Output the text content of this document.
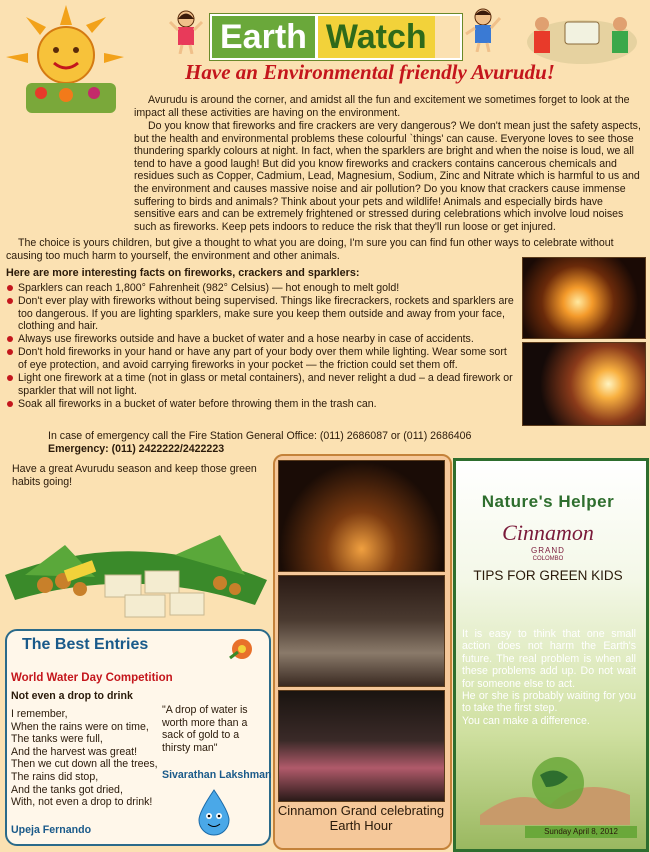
Earth Watch
Have an Environmental friendly Avurudu!

Avurudu is around the corner, and amidst all the fun and excitement we sometimes forget to look at the impact all these activities are having on the environment.

Do you know that fireworks and fire crackers are very dangerous? We don't mean just the safety aspects, but the health and environmental problems these colourful `things' can cause. Everyone loves to see those thundering sparkly colours at night. In fact, when the sparklers are bright and when the noise is loud, we all tend to have a good laugh! But did you know fireworks and crackers contains cancerous chemicals and residues such as Copper, Cadmium, Lead, Magnesium, Sodium, Zinc and Nitrate which is harmful to us and the environment and causes massive noise and air pollution? Do you know that crackers cause immense suffering to birds and animals? Think about your pets and wildlife! Animals and especially birds have sensitive ears and can be extremely frightened or stressed during celebrations which involve loud noises such as fireworks. Keep pets indoors to reduce the risk that they'll run loose or get injured.

The choice is yours children, but give a thought to what you are doing, I'm sure you can find fun other ways to celebrate without causing too much harm to yourself, the environment and other animals.

Here are more interesting facts on fireworks, crackers and sparklers:
Sparklers can reach 1,800° Fahrenheit (982° Celsius) — hot enough to melt gold!
Don't ever play with fireworks without being supervised. Things like firecrackers, rockets and sparklers are too dangerous. If you are lighting sparklers, make sure you keep them outside and away from your face, clothing and hair.
Always use fireworks outside and have a bucket of water and a hose nearby in case of accidents.
Don't hold fireworks in your hand or have any part of your body over them while lighting. Wear some sort of eye protection, and avoid carrying fireworks in your pocket — the friction could set them off.
Light one firework at a time (not in glass or metal containers), and never relight a dud – a dead firework or sparkler that will not light.
Soak all fireworks in a bucket of water before throwing them in the trash can.
In case of emergency call the Fire Station General Office: (011) 2686087 or (011) 2686406
Emergency: (011) 2422222/2422223
Have a great Avurudu season and keep those green habits going!
Cinnamon Grand celebrating Earth Hour
Nature's Helper
Cinnamon
GRAND
COLOMBO
TIPS FOR GREEN KIDS

It is easy to think that one small action does not harm the Earth's future. The real problem is when all these problems add up. Do not wait for someone else to act.

He or she is probably waiting for you to take the first step.

You can make a difference.

Sunday April 8, 2012
The Best Entries
World Water Day Competition
Not even a drop to drink
I remember,
When the rains were on time,
The tanks were full,
And the harvest was great!
Then we cut down all the trees,
The rains did stop,
And the tanks got dried,
With, not even a drop to drink!
Upeja Fernando
"A drop of water is worth more than a sack of gold to a thirsty man"
Sivarathan Lakshman
